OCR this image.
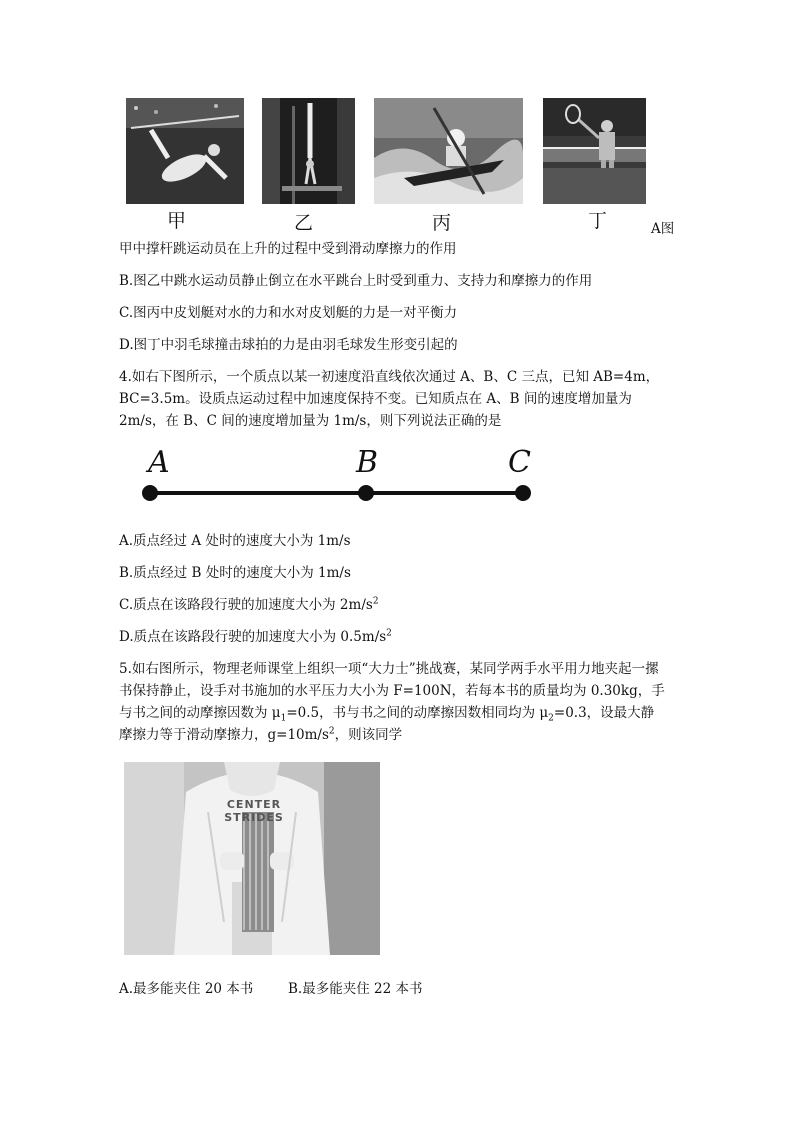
甲	乙	丙	丁	A图
甲中撑杆跳运动员在上升的过程中受到滑动摩擦力的作用
B.图乙中跳水运动员静止倒立在水平跳台上时受到重力、支持力和摩擦力的作用
C.图丙中皮划艇对水的力和水对皮划艇的力是一对平衡力
D.图丁中羽毛球撞击球拍的力是由羽毛球发生形变引起的
4.如右下图所示，一个质点以某一初速度沿直线依次通过 A、B、C 三点，已知 AB=4m，BC=3.5m。设质点运动过程中加速度保持不变。已知质点在 A、B 间的速度增加量为 2m/s，在 B、C 间的速度增加量为 1m/s，则下列说法正确的是
A	B	C
A.质点经过 A 处时的速度大小为 1m/s
B.质点经过 B 处时的速度大小为 1m/s
C.质点在该路段行驶的加速度大小为 $2m/s^2$
D.质点在该路段行驶的加速度大小为 $0.5m/s^2$
5.如右图所示，物理老师课堂上组织一项“大力士”挑战赛，某同学两手水平用力地夹起一摞书保持静止，设手对书施加的水平压力大小为 F=100N，若每本书的质量均为 0.30kg，手与书之间的动摩擦因数为 $\mu_1=0.5$，书与书之间的动摩擦因数相同均为 $\mu_2=0.3$，设最大静摩擦力等于滑动摩擦力，$g=10m/s^2$，则该同学
CENTER STRIDES
A.最多能夹住 20 本书	B.最多能夹住 22 本书
